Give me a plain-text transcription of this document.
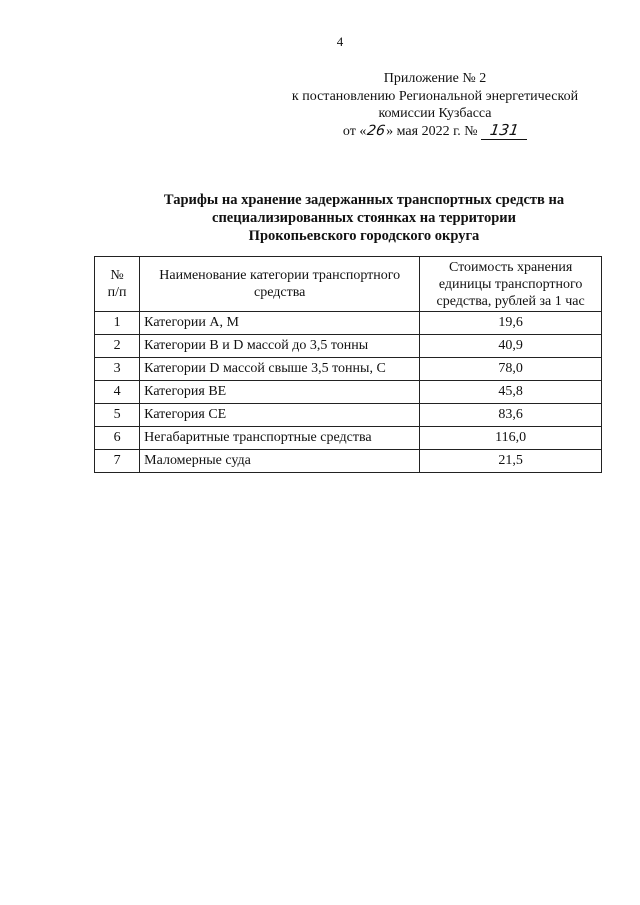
4
Приложение № 2
к постановлению Региональной энергетической
комиссии Кузбасса
от «26» мая 2022 г. № 131
Тарифы на хранение задержанных транспортных средств на
специализированных стоянках на территории
Прокопьевского городского округа
№
п/п	Наименование категории транспортного средства	Стоимость хранения единицы транспортного средства, рублей за 1 час
1	Категории A, M	19,6
2	Категории B и D массой до 3,5 тонны	40,9
3	Категории D массой свыше 3,5 тонны, C	78,0
4	Категория BE	45,8
5	Категория CE	83,6
6	Негабаритные транспортные средства	116,0
7	Маломерные суда	21,5
